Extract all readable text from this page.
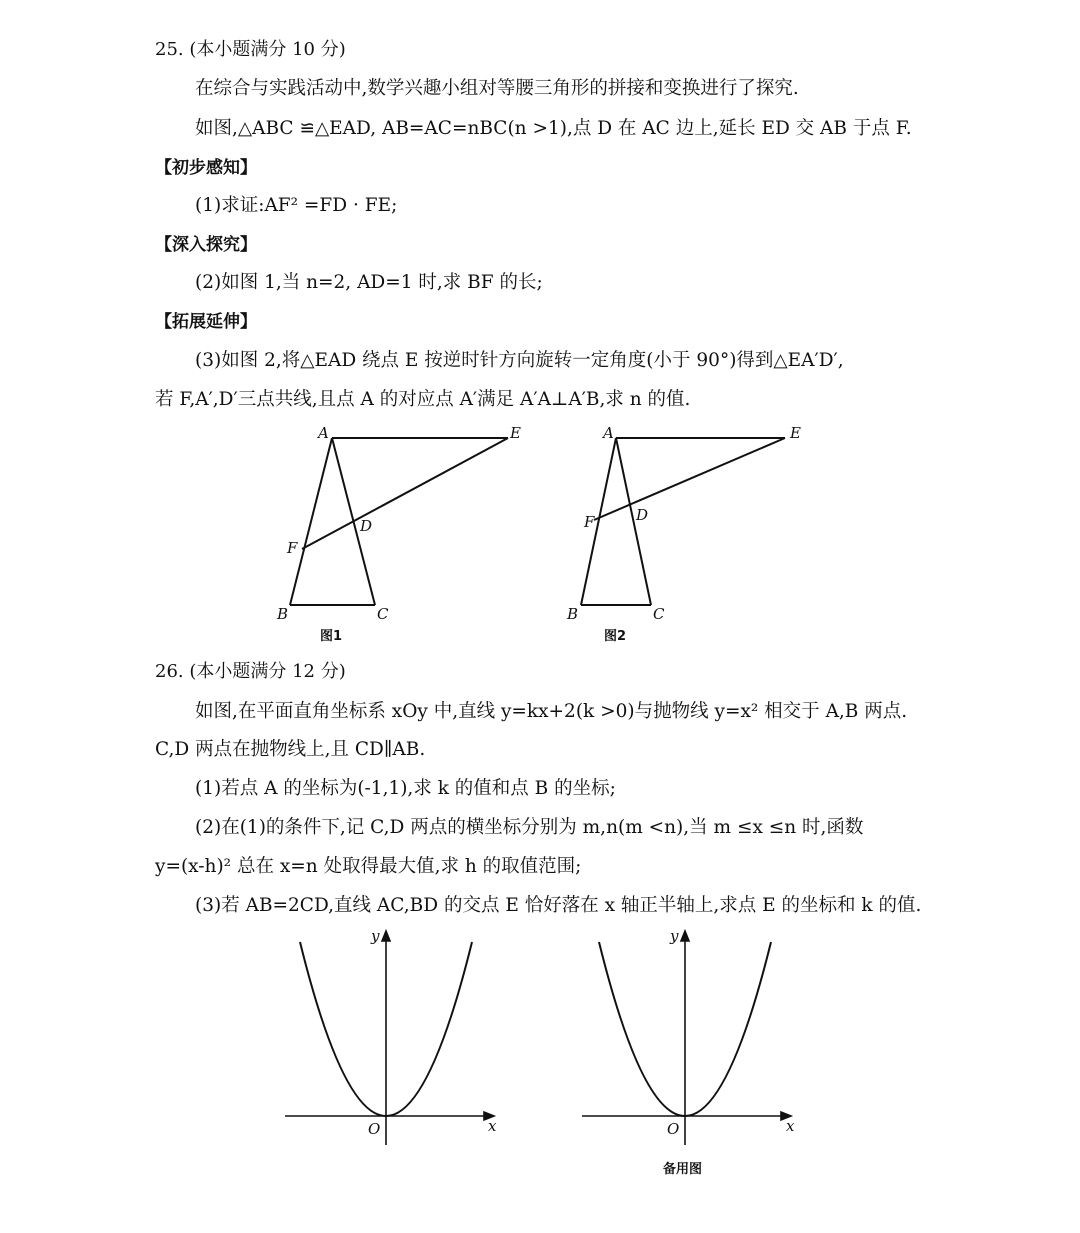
25. (本小题满分 10 分)
在综合与实践活动中,数学兴趣小组对等腰三角形的拼接和变换进行了探究.
如图,△ABC ≌△EAD, AB=AC=nBC(n >1),点 D 在 AC 边上,延长 ED 交 AB 于点 F.
【初步感知】
(1)求证:AF² =FD · FE;
【深入探究】
(2)如图 1,当 n=2, AD=1 时,求 BF 的长;
【拓展延伸】
(3)如图 2,将△EAD 绕点 E 按逆时针方向旋转一定角度(小于 90°)得到△EA′D′,
若 F,A′,D′三点共线,且点 A 的对应点 A′满足 A′A⊥A′B,求 n 的值.
26. (本小题满分 12 分)
如图,在平面直角坐标系 xOy 中,直线 y=kx+2(k >0)与抛物线 y=x² 相交于 A,B 两点.
C,D 两点在抛物线上,且 CD∥AB.
(1)若点 A 的坐标为(-1,1),求 k 的值和点 B 的坐标;
(2)在(1)的条件下,记 C,D 两点的横坐标分别为 m,n(m <n),当 m ≤x ≤n 时,函数
y=(x-h)² 总在 x=n 处取得最大值,求 h 的取值范围;
(3)若 AB=2CD,直线 AC,BD 的交点 E 恰好落在 x 轴正半轴上,求点 E 的坐标和 k 的值.
A	E
F
D
B	C
图1
A	E
F	D
B	C
图2
y
x
O
y
x
O
备用图
